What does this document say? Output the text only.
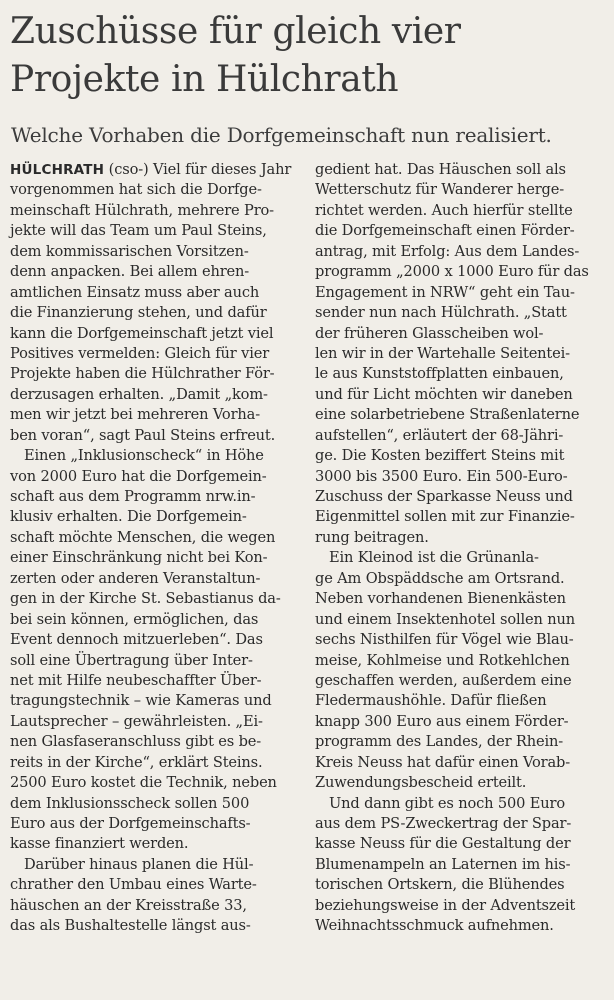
Zuschüsse für gleich vier
Projekte in Hülchrath

Welche Vorhaben die Dorfgemeinschaft nun realisiert.

HÜLCHRATH (cso-) Viel für dieses Jahr
vorgenommen hat sich die Dorfge-
meinschaft Hülchrath, mehrere Pro-
jekte will das Team um Paul Steins,
dem kommissarischen Vorsitzen-
denn anpacken. Bei allem ehren-
amtlichen Einsatz muss aber auch
die Finanzierung stehen, und dafür
kann die Dorfgemeinschaft jetzt viel
Positives vermelden: Gleich für vier
Projekte haben die Hülchrather För-
derzusagen erhalten. „Damit „kom-
men wir jetzt bei mehreren Vorha-
ben voran“, sagt Paul Steins erfreut.
Einen „Inklusionscheck“ in Höhe
von 2000 Euro hat die Dorfgemein-
schaft aus dem Programm nrw.in-
klusiv erhalten. Die Dorfgemein-
schaft möchte Menschen, die wegen
einer Einschränkung nicht bei Kon-
zerten oder anderen Veranstaltun-
gen in der Kirche St. Sebastianus da-
bei sein können, ermöglichen, das
Event dennoch mitzuerleben“. Das
soll eine Übertragung über Inter-
net mit Hilfe neubeschaffter Über-
tragungstechnik – wie Kameras und
Lautsprecher – gewährleisten. „Ei-
nen Glasfaseranschluss gibt es be-
reits in der Kirche“, erklärt Steins.
2500 Euro kostet die Technik, neben
dem Inklusionsscheck sollen 500
Euro aus der Dorfgemeinschafts-
kasse finanziert werden.
Darüber hinaus planen die Hül-
chrather den Umbau eines Warte-
häuschen an der Kreisstraße 33,
das als Bushaltestelle längst aus-
gedient hat. Das Häuschen soll als
Wetterschutz für Wanderer herge-
richtet werden. Auch hierfür stellte
die Dorfgemeinschaft einen Förder-
antrag, mit Erfolg: Aus dem Landes-
programm „2000 x 1000 Euro für das
Engagement in NRW“ geht ein Tau-
sender nun nach Hülchrath. „Statt
der früheren Glasscheiben wol-
len wir in der Wartehalle Seitentei-
le aus Kunststoffplatten einbauen,
und für Licht möchten wir daneben
eine solarbetriebene Straßenlaterne
aufstellen“, erläutert der 68-Jähri-
ge. Die Kosten beziffert Steins mit
3000 bis 3500 Euro. Ein 500-Euro-
Zuschuss der Sparkasse Neuss und
Eigenmittel sollen mit zur Finanzie-
rung beitragen.
Ein Kleinod ist die Grünanla-
ge Am Obspäddsche am Ortsrand.
Neben vorhandenen Bienenkästen
und einem Insektenhotel sollen nun
sechs Nisthilfen für Vögel wie Blau-
meise, Kohlmeise und Rotkehlchen
geschaffen werden, außerdem eine
Fledermaushöhle. Dafür fließen
knapp 300 Euro aus einem Förder-
programm des Landes, der Rhein-
Kreis Neuss hat dafür einen Vorab-
Zuwendungsbescheid erteilt.
Und dann gibt es noch 500 Euro
aus dem PS-Zweckertrag der Spar-
kasse Neuss für die Gestaltung der
Blumenampeln an Laternen im his-
torischen Ortskern, die Blühendes
beziehungsweise in der Adventszeit
Weihnachtsschmuck aufnehmen.
